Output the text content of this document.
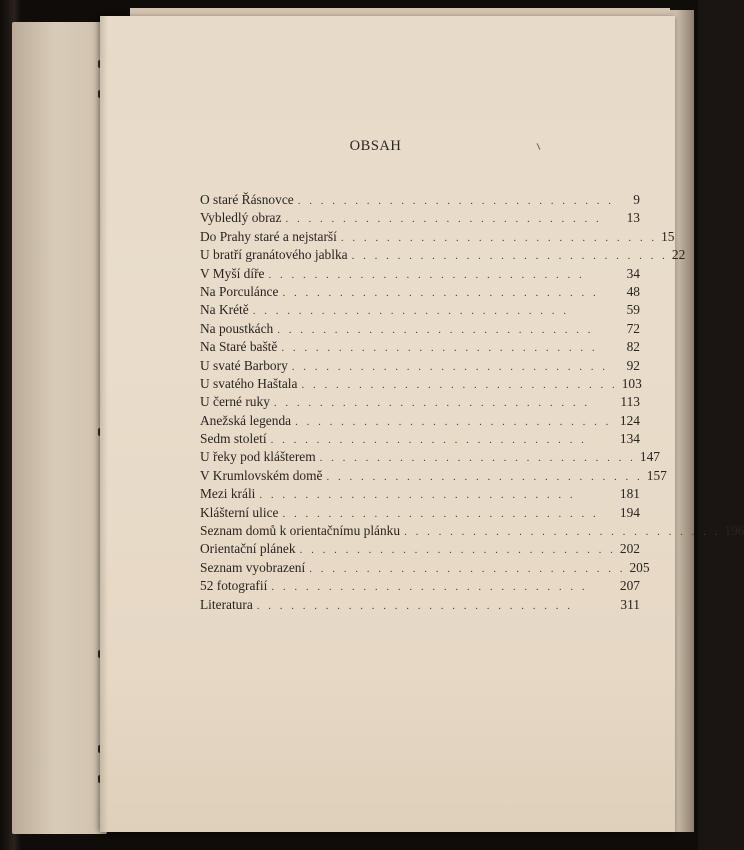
OBSAH
O staré Řásnovce . . . . . . . . . . . . . . . . . . . . . . . . . . . .	9
Vybledlý obraz . . . . . . . . . . . . . . . . . . . . . . . . . . . .	13
Do Prahy staré a nejstarší . . . . . . . . . . . . . . . . . . . . . . . . . . . . 15
U bratří granátového jablka . . . . . . . . . . . . . . . . . . . . . . . . . . . . 22
V Myší díře . . . . . . . . . . . . . . . . . . . . . . . . . . . .	34
Na Porculánce . . . . . . . . . . . . . . . . . . . . . . . . . . . .	48
Na Krétě . . . . . . . . . . . . . . . . . . . . . . . . . . . .	59
Na poustkách . . . . . . . . . . . . . . . . . . . . . . . . . . . .	72
Na Staré baště . . . . . . . . . . . . . . . . . . . . . . . . . . . .	82
U svaté Barbory . . . . . . . . . . . . . . . . . . . . . . . . . . . .	92
U svatého Haštala . . . . . . . . . . . . . . . . . . . . . . . . . . . . 103
U černé ruky . . . . . . . . . . . . . . . . . . . . . . . . . . . .	113
Anežská legenda . . . . . . . . . . . . . . . . . . . . . . . . . . . . 124
Sedm století . . . . . . . . . . . . . . . . . . . . . . . . . . . .	134
U řeky pod klášterem . . . . . . . . . . . . . . . . . . . . . . . . . . . . 147
V Krumlovském domě . . . . . . . . . . . . . . . . . . . . . . . . . . . . 157
Mezi králi . . . . . . . . . . . . . . . . . . . . . . . . . . . .	181
Klášterní ulice . . . . . . . . . . . . . . . . . . . . . . . . . . . .	194
Seznam domů k orientačnímu plánku . . . . . . . . . . . . . . . . . . . . . . . . . . . . 196
Orientační plánek . . . . . . . . . . . . . . . . . . . . . . . . . . . . 202
Seznam vyobrazení . . . . . . . . . . . . . . . . . . . . . . . . . . . . 205
52 fotografií . . . . . . . . . . . . . . . . . . . . . . . . . . . .	207
Literatura . . . . . . . . . . . . . . . . . . . . . . . . . . . .	311
